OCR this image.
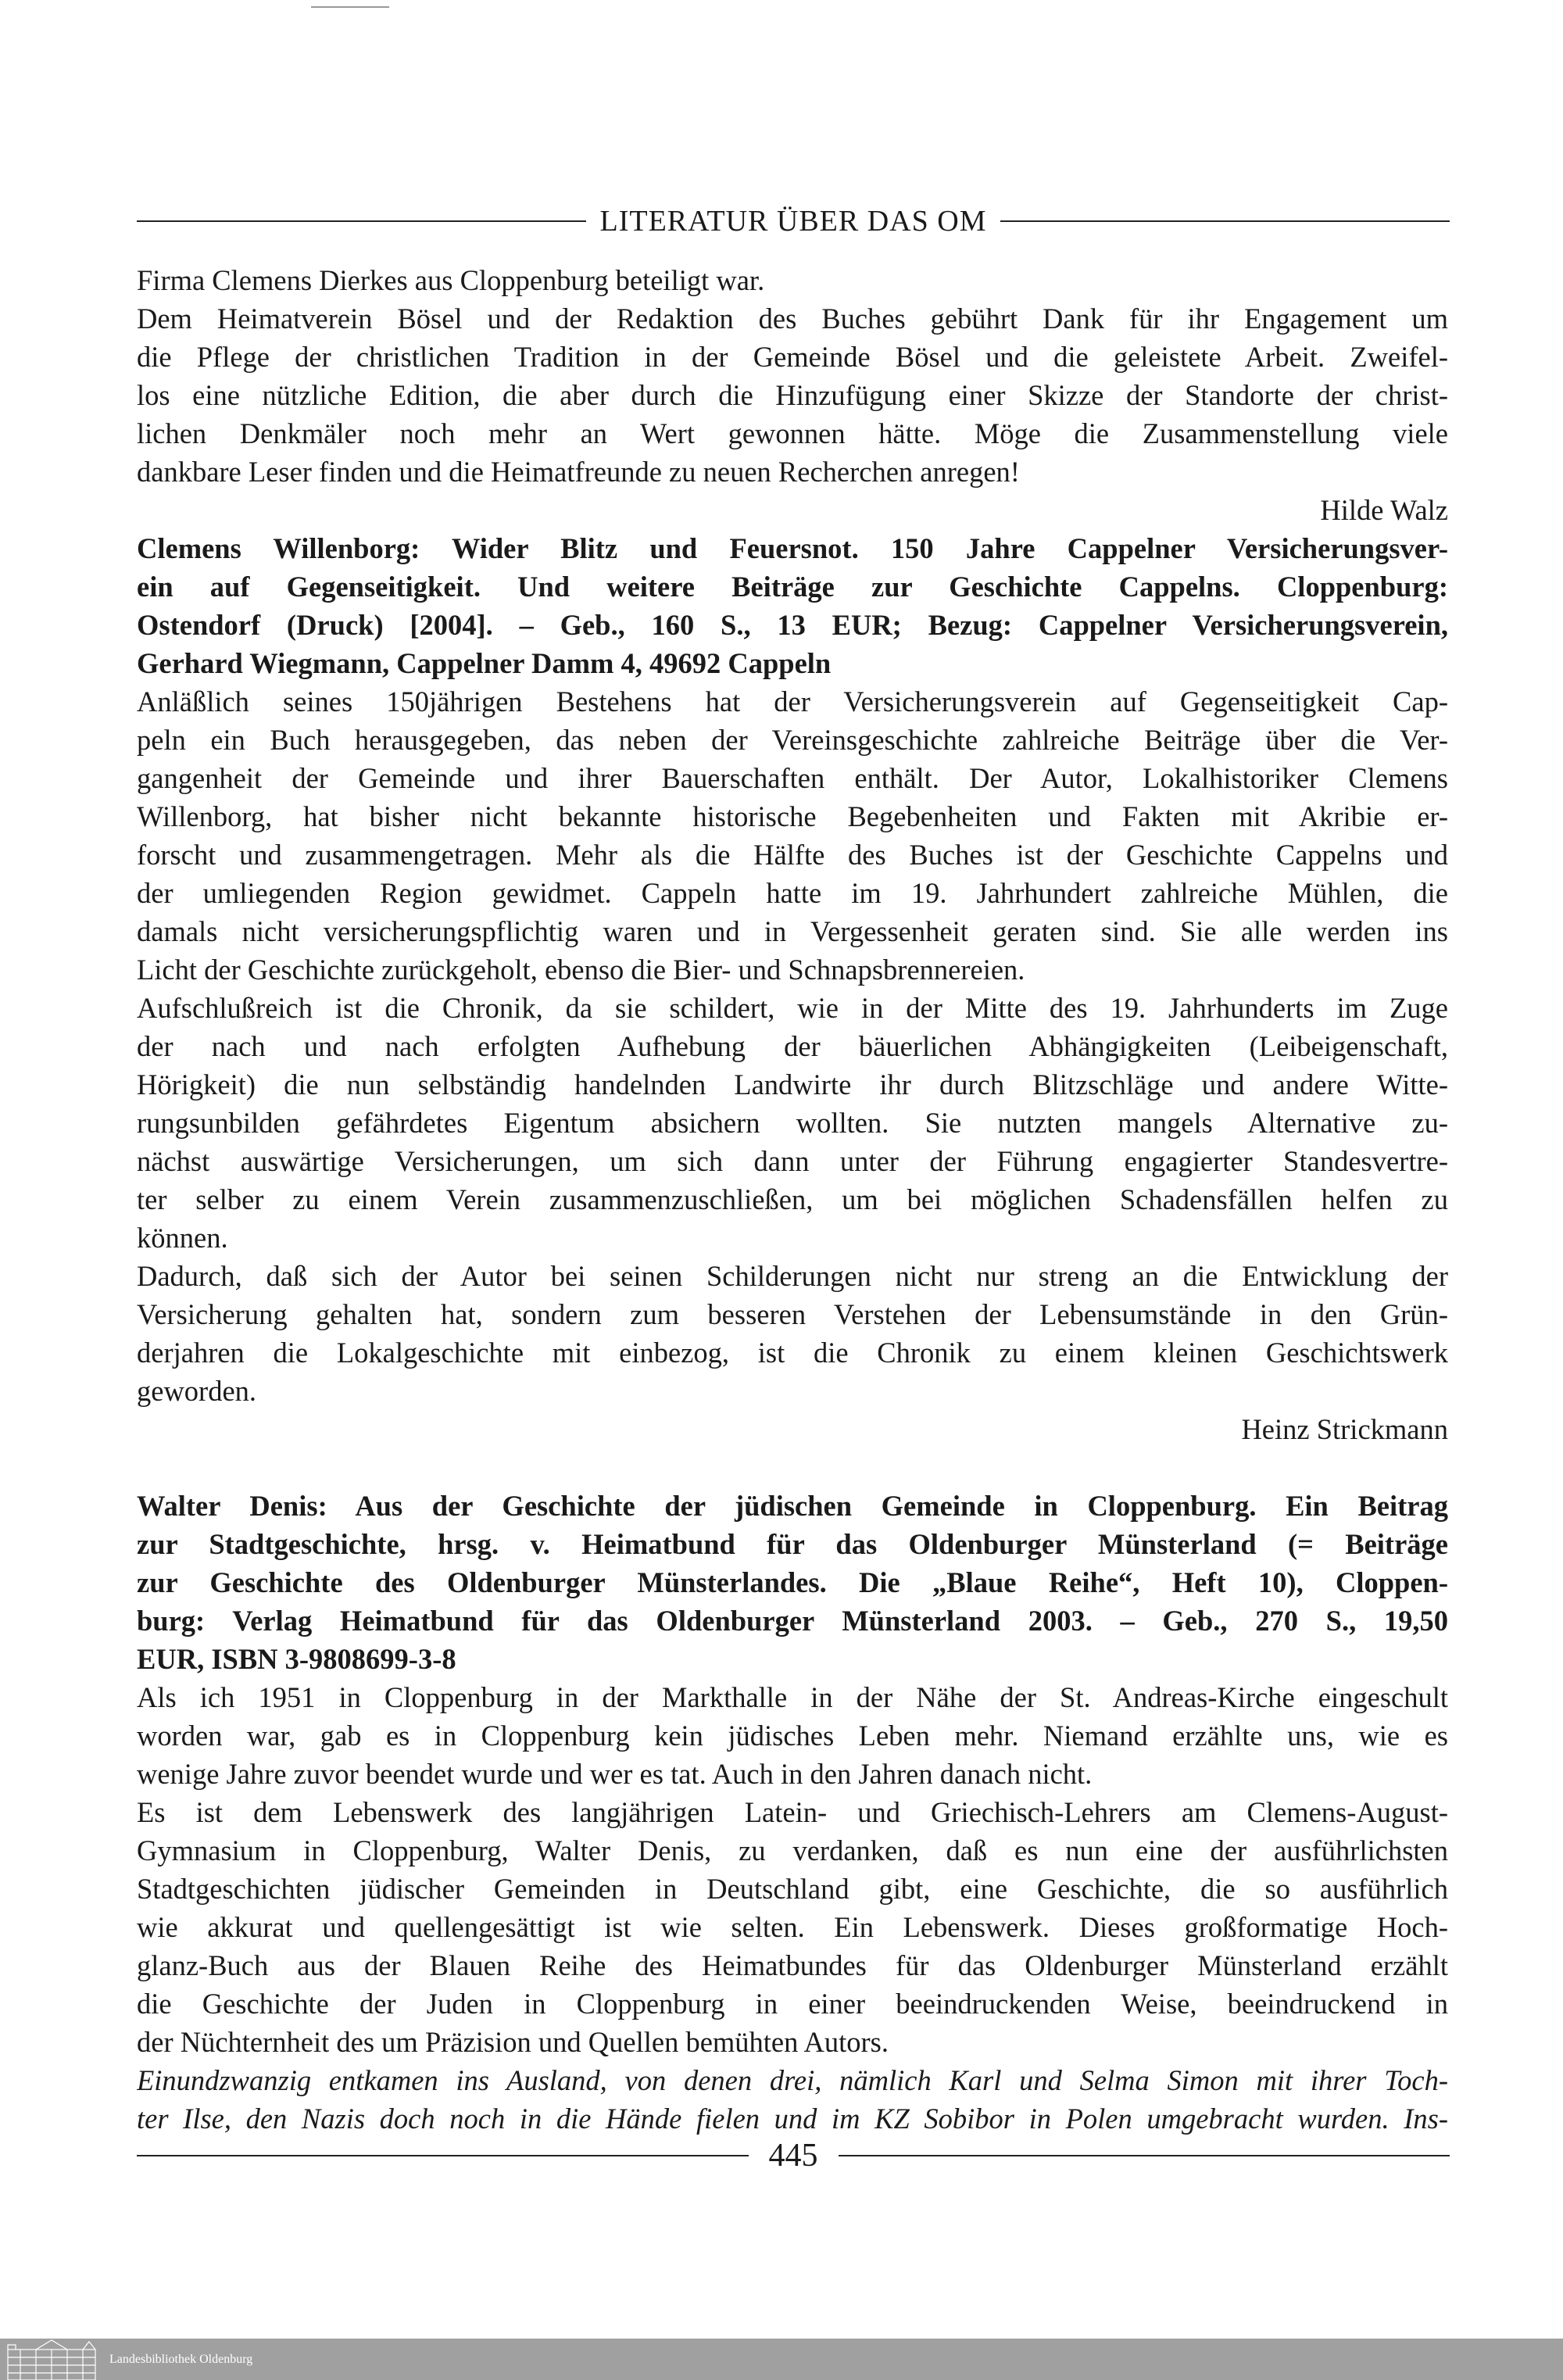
LITERATUR ÜBER DAS OM
Firma Clemens Dierkes aus Cloppenburg beteiligt war.
Dem Heimatverein Bösel und der Redaktion des Buches gebührt Dank für ihr Engagement um
die Pflege der christlichen Tradition in der Gemeinde Bösel und die geleistete Arbeit. Zweifel-
los eine nützliche Edition, die aber durch die Hinzufügung einer Skizze der Standorte der christ-
lichen Denkmäler noch mehr an Wert gewonnen hätte. Möge die Zusammenstellung viele
dankbare Leser finden und die Heimatfreunde zu neuen Recherchen anregen!
Hilde Walz
Clemens Willenborg: Wider Blitz und Feuersnot. 150 Jahre Cappelner Versicherungsver-
ein auf Gegenseitigkeit. Und weitere Beiträge zur Geschichte Cappelns. Cloppenburg:
Ostendorf (Druck) [2004]. – Geb., 160 S., 13 EUR; Bezug: Cappelner Versicherungsverein,
Gerhard Wiegmann, Cappelner Damm 4, 49692 Cappeln
Anläßlich seines 150jährigen Bestehens hat der Versicherungsverein auf Gegenseitigkeit Cap-
peln ein Buch herausgegeben, das neben der Vereinsgeschichte zahlreiche Beiträge über die Ver-
gangenheit der Gemeinde und ihrer Bauerschaften enthält. Der Autor, Lokalhistoriker Clemens
Willenborg, hat bisher nicht bekannte historische Begebenheiten und Fakten mit Akribie er-
forscht und zusammengetragen. Mehr als die Hälfte des Buches ist der Geschichte Cappelns und
der umliegenden Region gewidmet. Cappeln hatte im 19. Jahrhundert zahlreiche Mühlen, die
damals nicht versicherungspflichtig waren und in Vergessenheit geraten sind. Sie alle werden ins
Licht der Geschichte zurückgeholt, ebenso die Bier- und Schnapsbrennereien.
Aufschlußreich ist die Chronik, da sie schildert, wie in der Mitte des 19. Jahrhunderts im Zuge
der nach und nach erfolgten Aufhebung der bäuerlichen Abhängigkeiten (Leibeigenschaft,
Hörigkeit) die nun selbständig handelnden Landwirte ihr durch Blitzschläge und andere Witte-
rungsunbilden gefährdetes Eigentum absichern wollten. Sie nutzten mangels Alternative zu-
nächst auswärtige Versicherungen, um sich dann unter der Führung engagierter Standesvertre-
ter selber zu einem Verein zusammenzuschließen, um bei möglichen Schadensfällen helfen zu
können.
Dadurch, daß sich der Autor bei seinen Schilderungen nicht nur streng an die Entwicklung der
Versicherung gehalten hat, sondern zum besseren Verstehen der Lebensumstände in den Grün-
derjahren die Lokalgeschichte mit einbezog, ist die Chronik zu einem kleinen Geschichtswerk
geworden.
Heinz Strickmann
Walter Denis: Aus der Geschichte der jüdischen Gemeinde in Cloppenburg. Ein Beitrag
zur Stadtgeschichte, hrsg. v. Heimatbund für das Oldenburger Münsterland (= Beiträge
zur Geschichte des Oldenburger Münsterlandes. Die „Blaue Reihe“, Heft 10), Cloppen-
burg: Verlag Heimatbund für das Oldenburger Münsterland 2003. – Geb., 270 S., 19,50
EUR, ISBN 3-9808699-3-8
Als ich 1951 in Cloppenburg in der Markthalle in der Nähe der St. Andreas-Kirche eingeschult
worden war, gab es in Cloppenburg kein jüdisches Leben mehr. Niemand erzählte uns, wie es
wenige Jahre zuvor beendet wurde und wer es tat. Auch in den Jahren danach nicht.
Es ist dem Lebenswerk des langjährigen Latein- und Griechisch-Lehrers am Clemens-August-
Gymnasium in Cloppenburg, Walter Denis, zu verdanken, daß es nun eine der ausführlichsten
Stadtgeschichten jüdischer Gemeinden in Deutschland gibt, eine Geschichte, die so ausführlich
wie akkurat und quellengesättigt ist wie selten. Ein Lebenswerk. Dieses großformatige Hoch-
glanz-Buch aus der Blauen Reihe des Heimatbundes für das Oldenburger Münsterland erzählt
die Geschichte der Juden in Cloppenburg in einer beeindruckenden Weise, beeindruckend in
der Nüchternheit des um Präzision und Quellen bemühten Autors.
Einundzwanzig entkamen ins Ausland, von denen drei, nämlich Karl und Selma Simon mit ihrer Toch-
ter Ilse, den Nazis doch noch in die Hände fielen und im KZ Sobibor in Polen umgebracht wurden. Ins-
445
Landesbibliothek Oldenburg
